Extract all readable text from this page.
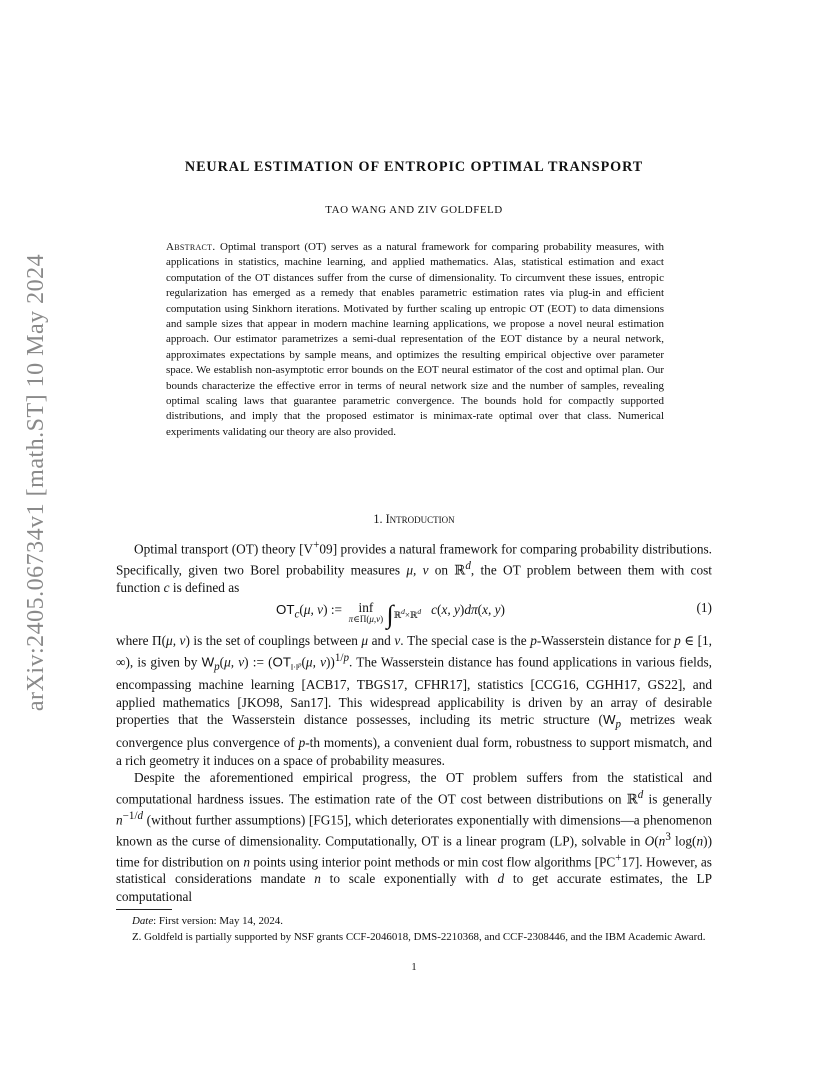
arXiv:2405.06734v1 [math.ST] 10 May 2024
NEURAL ESTIMATION OF ENTROPIC OPTIMAL TRANSPORT
TAO WANG AND ZIV GOLDFELD
Abstract. Optimal transport (OT) serves as a natural framework for comparing probability measures, with applications in statistics, machine learning, and applied mathematics. Alas, statistical estimation and exact computation of the OT distances suffer from the curse of dimensionality. To circumvent these issues, entropic regularization has emerged as a remedy that enables parametric estimation rates via plug-in and efficient computation using Sinkhorn iterations. Motivated by further scaling up entropic OT (EOT) to data dimensions and sample sizes that appear in modern machine learning applications, we propose a novel neural estimation approach. Our estimator parametrizes a semi-dual representation of the EOT distance by a neural network, approximates expectations by sample means, and optimizes the resulting empirical objective over parameter space. We establish non-asymptotic error bounds on the EOT neural estimator of the cost and optimal plan. Our bounds characterize the effective error in terms of neural network size and the number of samples, revealing optimal scaling laws that guarantee parametric convergence. The bounds hold for compactly supported distributions, and imply that the proposed estimator is minimax-rate optimal over that class. Numerical experiments validating our theory are also provided.
1. Introduction

Optimal transport (OT) theory [V+09] provides a natural framework for comparing probability distributions. Specifically, given two Borel probability measures μ, ν on ℝ$^d$, the OT problem between them with cost function c is defined as

$OT_c(\mu$, ν) :=  inf
π∈Π(μ,ν) $\int_{ℝ^d\times ℝ^d}$ c(x, y)dπ(x, y)	(1)

where Π(μ, ν) is the set of couplings between μ and ν. The special case is the p-Wasserstein distance for p ∈ [1, ∞), is given by $W_p(\mu$, ν) := ($OT_{‖\cdot‖^p}(\mu$, ν))$^{1/p}$. The Wasserstein distance has found applications in various fields, encompassing machine learning [ACB17, TBGS17, CFHR17], statistics [CCG16, CGHH17, GS22], and applied mathematics [JKO98, San17]. This widespread applicability is driven by an array of desirable properties that the Wasserstein distance possesses, including its metric structure ($W_p$ metrizes weak convergence plus convergence of p-th moments), a convenient dual form, robustness to support mismatch, and a rich geometry it induces on a space of probability measures.

Despite the aforementioned empirical progress, the OT problem suffers from the statistical and computational hardness issues. The estimation rate of the OT cost between distributions on ℝ$^d$ is generally $n^{-1/d}$ (without further assumptions) [FG15], which deteriorates exponentially with dimensions—a phenomenon known as the curse of dimensionality. Computationally, OT is a linear program (LP), solvable in $O(n^3$ log(n)) time for distribution on n points using interior point methods or min cost flow algorithms [PC+17]. However, as statistical considerations mandate n to scale exponentially with d to get accurate estimates, the LP computational

Date: First version: May 14, 2024.

Z. Goldfeld is partially supported by NSF grants CCF-2046018, DMS-2210368, and CCF-2308446, and the IBM Academic Award.

1
